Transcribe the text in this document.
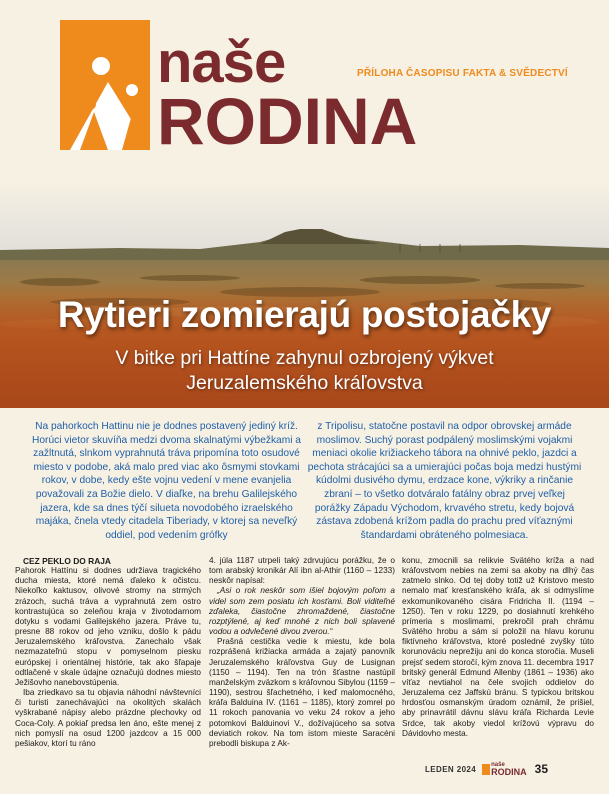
naše
RODINA
PŘÍLOHA ČASOPISU FAKTA & SVĚDECTVÍ
Rytieri zomierajú postojačky
V bitke pri Hattíne zahynul ozbrojený výkvet
Jeruzalemského kráľovstva
Na pahorkoch Hattinu nie je dodnes postavený jediný kríž. Horúci vietor skuvíňa medzi dvoma skalnatými výbežkami a zažltnutá, slnkom vyprahnutá tráva pripomína toto osudové miesto v podobe, aká malo pred viac ako ôsmymi stovkami rokov, v dobe, kedy ešte vojnu vedení v mene evanjelia považovali za Božie dielo. V diaľke, na brehu Galilejského jazera, kde sa dnes týčí silueta novodobého izraelského majáka, čnela vtedy citadela Tiberiady, v ktorej sa neveľký oddiel, pod vedením grófky
z Tripolisu, statočne postavil na odpor obrovskej armáde moslimov. Suchý porast podpálený moslimskými vojakmi meniaci okolie križiackeho tábora na ohnivé peklo, jazdci a pechota strácajúci sa a umierajúci počas boja medzi hustými kúdolmi dusivého dymu, erdzace kone, výkriky a rinčanie zbraní – to všetko dotváralo fatálny obraz prvej veľkej porážky Západu Východom, krvavého stretu, kedy bojová zástava zdobená krížom padla do prachu pred víťaznými štandardami obráteného polmesiaca.

CEZ PEKLO DO RAJA

Pahorok Hattínu si dodnes udržiava tragického ducha miesta, ktoré nemá ďaleko k očistcu. Niekoľko kaktusov, olivové stromy na strmých zrázoch, suchá tráva a vyprahnutá zem ostro kontrastujúca so zeleňou kraja v životodarnom dotyku s vodami Galilejského jazera. Práve tu, presne 88 rokov od jeho vzniku, došlo k pádu Jeruzalemského kráľovstva. Zanechalo však nezmazateľnú stopu v pomyselnom piesku európskej i orientálnej histórie, tak ako šľapaje odtlačené v skale údajne označujú dodnes miesto Ježišovho nanebovstúpenia.

Iba zriedkavo sa tu objavia náhodní návštevníci či turisti zanechávajúci na okolitých skalách vyškrabané nápisy alebo prázdne plechovky od Coca-Coly. A pokiaľ predsa len áno, ešte menej z nich pomyslí na osud 1200 jazdcov a 15 000 pešiakov, ktorí tu ráno

4. júla 1187 utrpeli taký zdrvujúcu porážku, že o tom arabský kronikár Alí ibn al-Athir (1160 – 1233) neskôr napísal:

„Asi o rok neskôr som išiel bojovým poľom a videl som zem posiatu ich kosťami. Boli viditeľné zďaleka, čiastočne zhromaždené, čiastočne rozptýlené, aj keď mnohé z nich boli splavené vodou a odvlečené divou zverou.“

Prašná cestička vedie k miestu, kde bola rozprášená križiacka armáda a zajatý panovník Jeruzalemského kráľovstva Guy de Lusignan (1150 – 1194). Ten na trón šťastne nastúpil manželským zväzkom s kráľovnou Sibylou (1159 – 1190), sestrou šľachetného, i keď malomocného, kráľa Balduina IV. (1161 – 1185), ktorý zomrel po 11 rokoch panovania vo veku 24 rokov a jeho potomkovi Balduinovi V., dožívajúceho sa sotva deviatich rokov. Na tom istom mieste Saracéni prebodli biskupa z Ak-

konu, zmocnili sa relikvie Svätého kríža a nad kráľovstvom nebies na zemi sa akoby na dlhý čas zatmelo slnko. Od tej doby totiž už Kristovo mesto nemalo mať kresťanského kráľa, ak si odmyslíme exkomunikovaného cisára Fridricha II. (1194 – 1250). Ten v roku 1229, po dosiahnutí krehkého prímeria s moslimami, prekročil prah chrámu Svätého hrobu a sám si položil na hlavu korunu fiktívneho kráľovstva, ktoré posledné zvyšky túto korunováciu neprežiju ani do konca storočia. Museli prejsť sedem storočí, kým znova 11. decembra 1917 britský generál Edmund Allenby (1861 – 1936) ako víťaz nevtiahol na čele svojich oddielov do Jeruzalema cez Jaffskú bránu. S typickou britskou hrdosťou osmanským úradom oznámil, že prišiel, aby prinavrátil dávnu slávu kráľa Richarda Levie Srdce, tak akoby viedol krížovú výpravu do Dávidovho mesta.

LEDEN 2024	naše
RODINA 35
